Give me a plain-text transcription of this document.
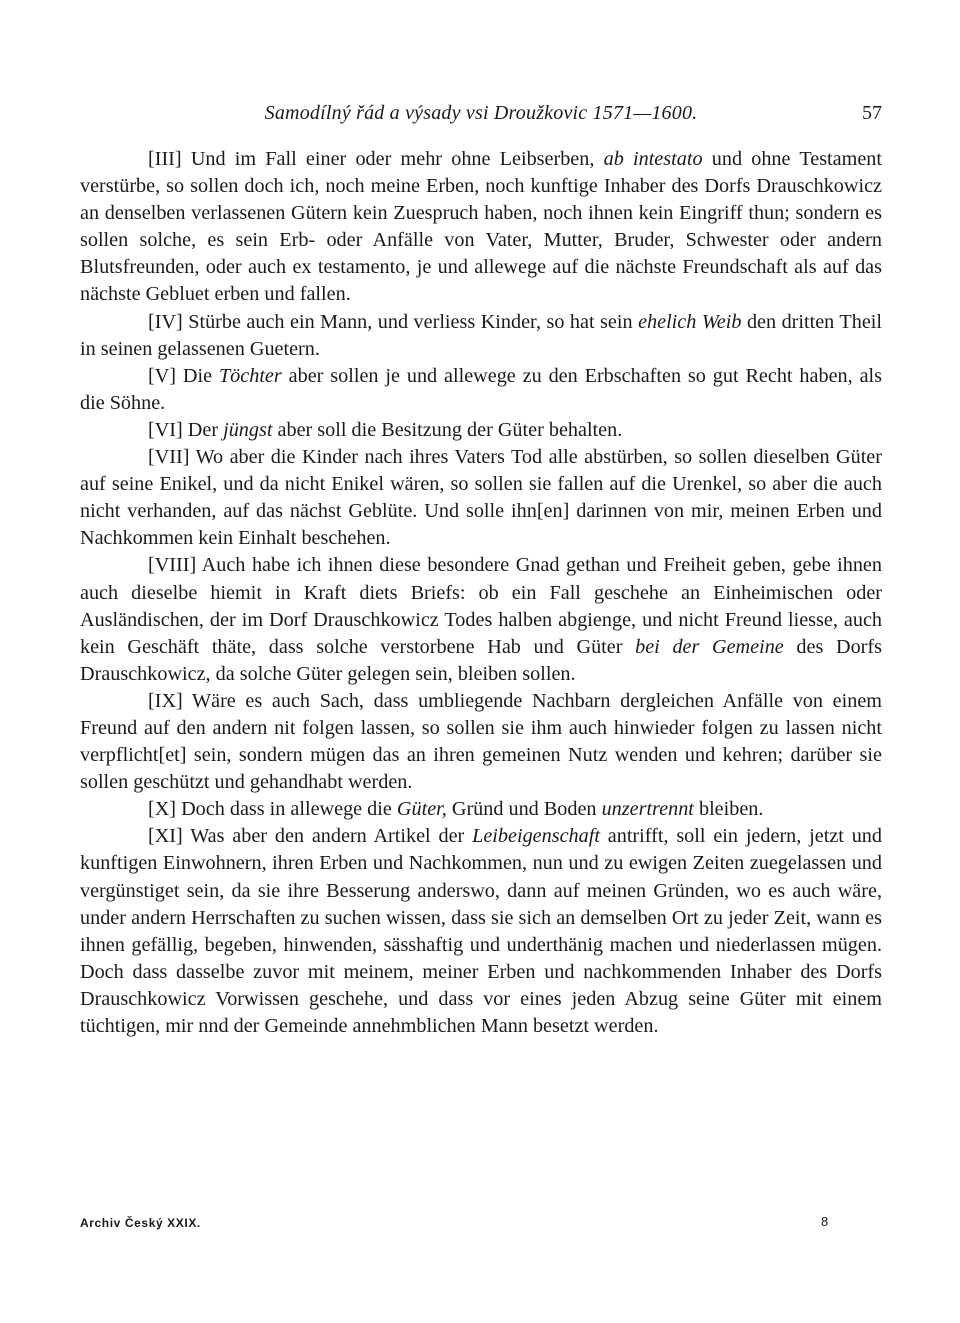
Samodílný řád a výsady vsi Droužkovic 1571—1600.	57

[III] Und im Fall einer oder mehr ohne Leibserben, ab intestato und ohne Testament verstürbe, so sollen doch ich, noch meine Erben, noch kunftige Inhaber des Dorfs Drauschkowicz an denselben verlassenen Gütern kein Zuespruch haben, noch ihnen kein Eingriff thun; sondern es sollen solche, es sein Erb- oder Anfälle von Vater, Mutter, Bruder, Schwester oder andern Blutsfreunden, oder auch ex testamento, je und allewege auf die nächste Freundschaft als auf das nächste Gebluet erben und fallen.

[IV] Stürbe auch ein Mann, und verliess Kinder, so hat sein ehelich Weib den dritten Theil in seinen gelassenen Guetern.

[V] Die Töchter aber sollen je und allewege zu den Erbschaften so gut Recht haben, als die Söhne.

[VI] Der jüngst aber soll die Besitzung der Güter behalten.

[VII] Wo aber die Kinder nach ihres Vaters Tod alle abstürben, so sollen dieselben Güter auf seine Enikel, und da nicht Enikel wären, so sollen sie fallen auf die Urenkel, so aber die auch nicht verhanden, auf das nächst Geblüte. Und solle ihn[en] darinnen von mir, meinen Erben und Nachkommen kein Einhalt beschehen.

[VIII] Auch habe ich ihnen diese besondere Gnad gethan und Freiheit geben, gebe ihnen auch dieselbe hiemit in Kraft diets Briefs: ob ein Fall geschehe an Einheimischen oder Ausländischen, der im Dorf Drauschkowicz Todes halben abgienge, und nicht Freund liesse, auch kein Geschäft thäte, dass solche verstorbene Hab und Güter bei der Gemeine des Dorfs Drauschkowicz, da solche Güter gelegen sein, bleiben sollen.

[IX] Wäre es auch Sach, dass umbliegende Nachbarn dergleichen Anfälle von einem Freund auf den andern nit folgen lassen, so sollen sie ihm auch hinwieder folgen zu lassen nicht verpflicht[et] sein, sondern mügen das an ihren gemeinen Nutz wenden und kehren; darüber sie sollen geschützt und gehandhabt werden.

[X] Doch dass in allewege die Güter, Gründ und Boden unzertrennt bleiben.

[XI] Was aber den andern Artikel der Leibeigenschaft antrifft, soll ein jedern, jetzt und kunftigen Einwohnern, ihren Erben und Nachkommen, nun und zu ewigen Zeiten zuegelassen und vergünstiget sein, da sie ihre Besserung anderswo, dann auf meinen Gründen, wo es auch wäre, under andern Herrschaften zu suchen wissen, dass sie sich an demselben Ort zu jeder Zeit, wann es ihnen gefällig, begeben, hinwenden, sässhaftig und underthänig machen und niederlassen mügen. Doch dass dasselbe zuvor mit meinem, meiner Erben und nachkommenden Inhaber des Dorfs Drauschkowicz Vorwissen geschehe, und dass vor eines jeden Abzug seine Güter mit einem tüchtigen, mir nnd der Gemeinde annehmblichen Mann besetzt werden.

Archiv Český XXIX.	8
